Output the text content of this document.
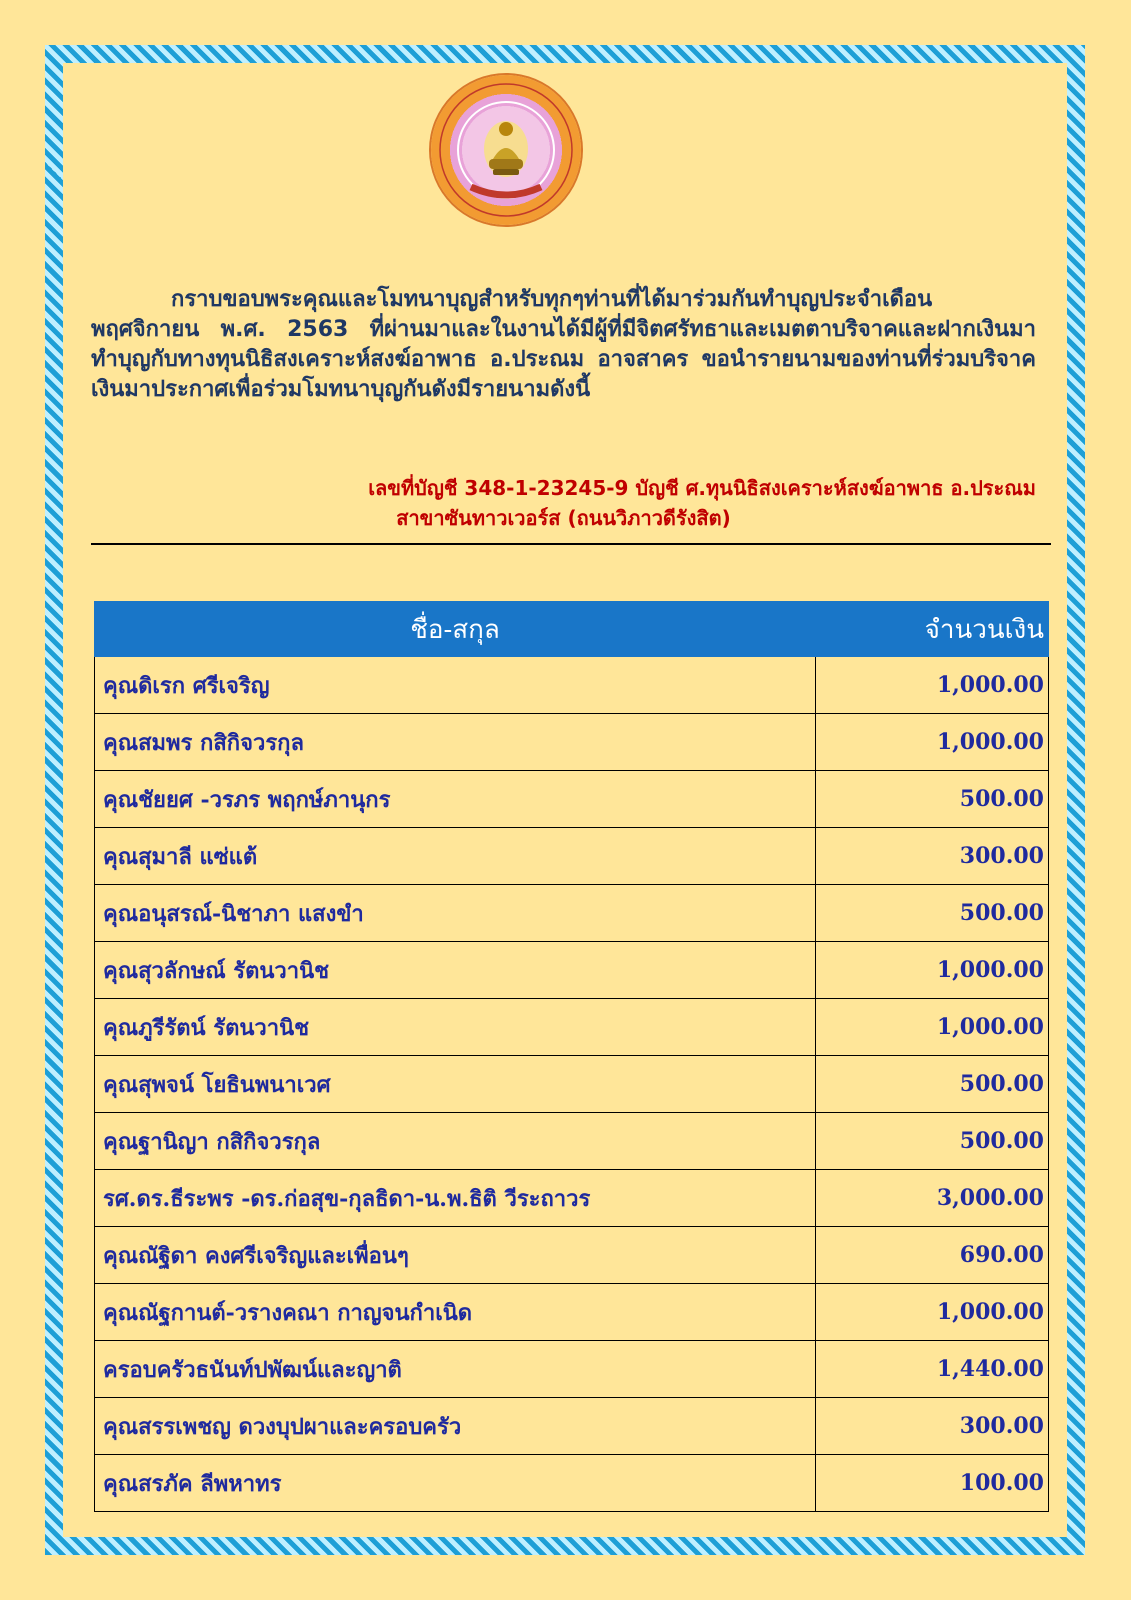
กราบขอบพระคุณและโมทนาบุญสำหรับทุกๆท่านที่ได้มาร่วมกันทำบุญประจำเดือน พฤศจิกายน พ.ศ. 2563 ที่ผ่านมาและในงานได้มีผู้ที่มีจิตศรัทธาและเมตตาบริจาคและฝากเงินมาทำบุญกับทางทุนนิธิสงเคราะห์สงฆ์อาพาธ อ.ประณม อาจสาคร ขอนำรายนามของท่านที่ร่วมบริจาคเงินมาประกาศเพื่อร่วมโมทนาบุญกันดังมีรายนามดังนี้
เลขที่บัญชี 348-1-23245-9 บัญชี ศ.ทุนนิธิสงเคราะห์สงฆ์อาพาธ อ.ประณม
สาขาซันทาวเวอร์ส (ถนนวิภาวดีรังสิต)
ชื่อ-สกุล	จำนวนเงิน
คุณดิเรก ศรีเจริญ	1,000.00
คุณสมพร กสิกิจวรกุล	1,000.00
คุณชัยยศ -วรภร พฤกษ์ภานุกร	500.00
คุณสุมาลี แซ่แต้	300.00
คุณอนุสรณ์-นิชาภา แสงขำ	500.00
คุณสุวลักษณ์ รัตนวานิช	1,000.00
คุณภูรีรัตน์ รัตนวานิช	1,000.00
คุณสุพจน์ โยธินพนาเวศ	500.00
คุณฐานิญา กสิกิจวรกุล	500.00
รศ.ดร.ธีระพร -ดร.ก่อสุข-กุลธิดา-น.พ.ธิติ วีระถาวร	3,000.00
คุณณัฐิดา คงศรีเจริญและเพื่อนๆ	690.00
คุณณัฐกานต์-วรางคณา กาญจนกำเนิด	1,000.00
ครอบครัวธนันท์ปพัฒน์และญาติ	1,440.00
คุณสรรเพชญ ดวงบุปผาและครอบครัว	300.00
คุณสรภัค ลีพหาทร	100.00
